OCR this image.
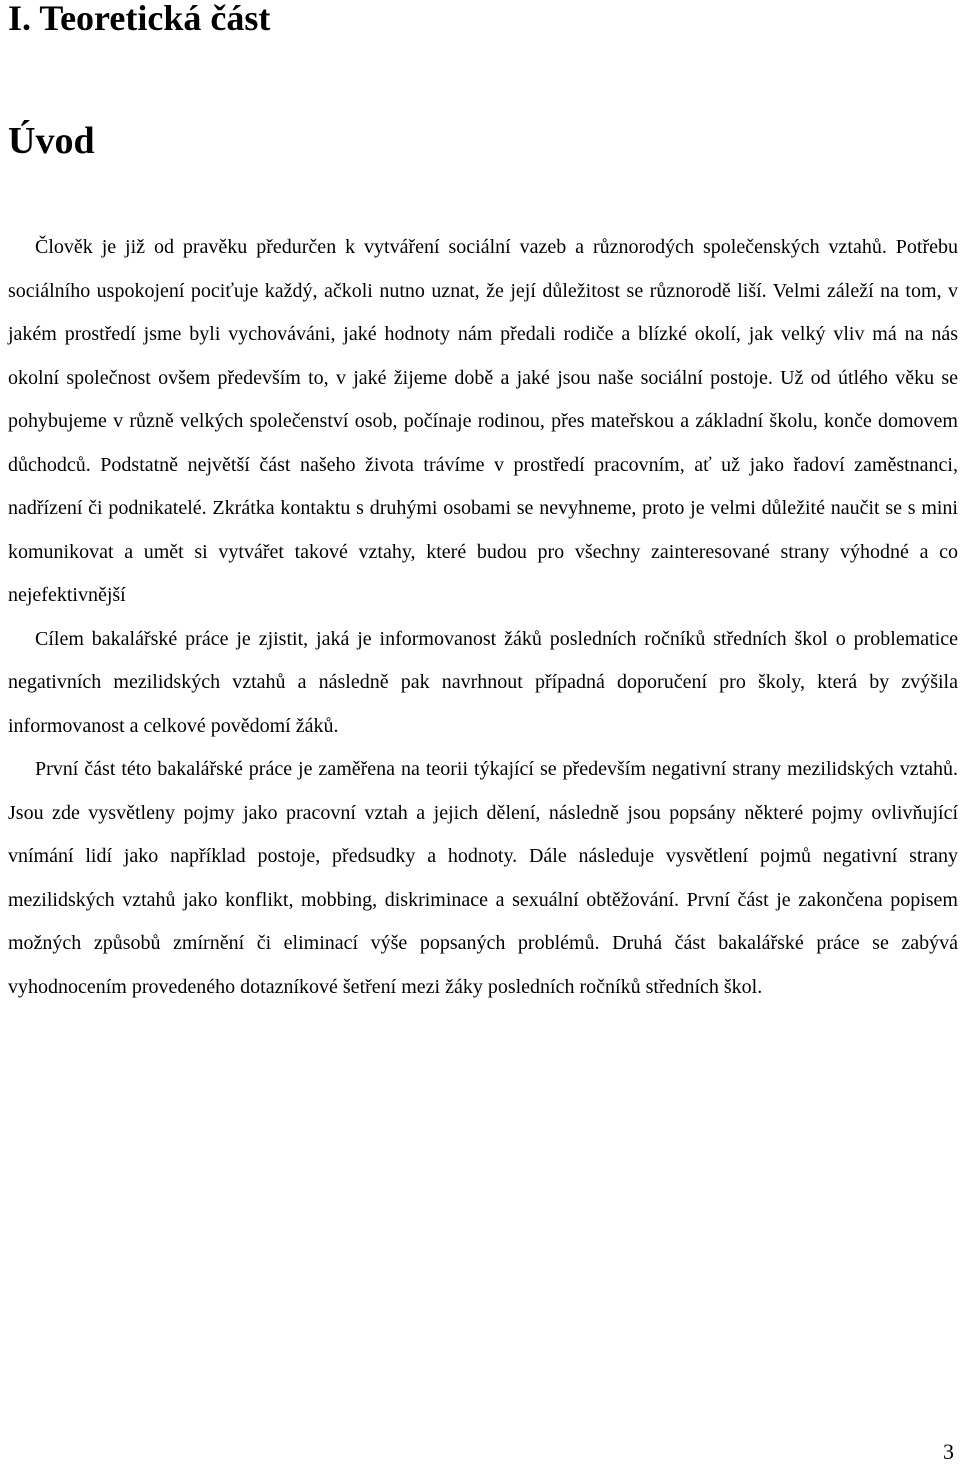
I. Teoretická část
Úvod

Člověk je již od pravěku předurčen k vytváření sociální vazeb a různorodých společenských vztahů. Potřebu sociálního uspokojení pociťuje každý, ačkoli nutno uznat, že její důležitost se různorodě liší. Velmi záleží na tom, v jakém prostředí jsme byli vychováváni, jaké hodnoty nám předali rodiče a blízké okolí, jak velký vliv má na nás okolní společnost ovšem především to, v jaké žijeme době a jaké jsou naše sociální postoje. Už od útlého věku se pohybujeme v různě velkých společenství osob, počínaje rodinou, přes mateřskou a základní školu, konče domovem důchodců. Podstatně největší část našeho života trávíme v prostředí pracovním, ať už jako řadoví zaměstnanci, nadřízení či podnikatelé. Zkrátka kontaktu s druhými osobami se nevyhneme, proto je velmi důležité naučit se s mini komunikovat a umět si vytvářet takové vztahy, které budou pro všechny zainteresované strany výhodné a co nejefektivnější

Cílem bakalářské práce je zjistit, jaká je informovanost žáků posledních ročníků středních škol o problematice negativních mezilidských vztahů a následně pak navrhnout případná doporučení pro školy, která by zvýšila informovanost a celkové povědomí žáků.

První část této bakalářské práce je zaměřena na teorii týkající se především negativní strany mezilidských vztahů. Jsou zde vysvětleny pojmy jako pracovní vztah a jejich dělení, následně jsou popsány některé pojmy ovlivňující vnímání lidí jako například postoje, předsudky a hodnoty. Dále následuje vysvětlení pojmů negativní strany mezilidských vztahů jako konflikt, mobbing, diskriminace a sexuální obtěžování. První část je zakončena popisem možných způsobů zmírnění či eliminací výše popsaných problémů. Druhá část bakalářské práce se zabývá vyhodnocením provedeného dotazníkové šetření mezi žáky posledních ročníků středních škol.

3
